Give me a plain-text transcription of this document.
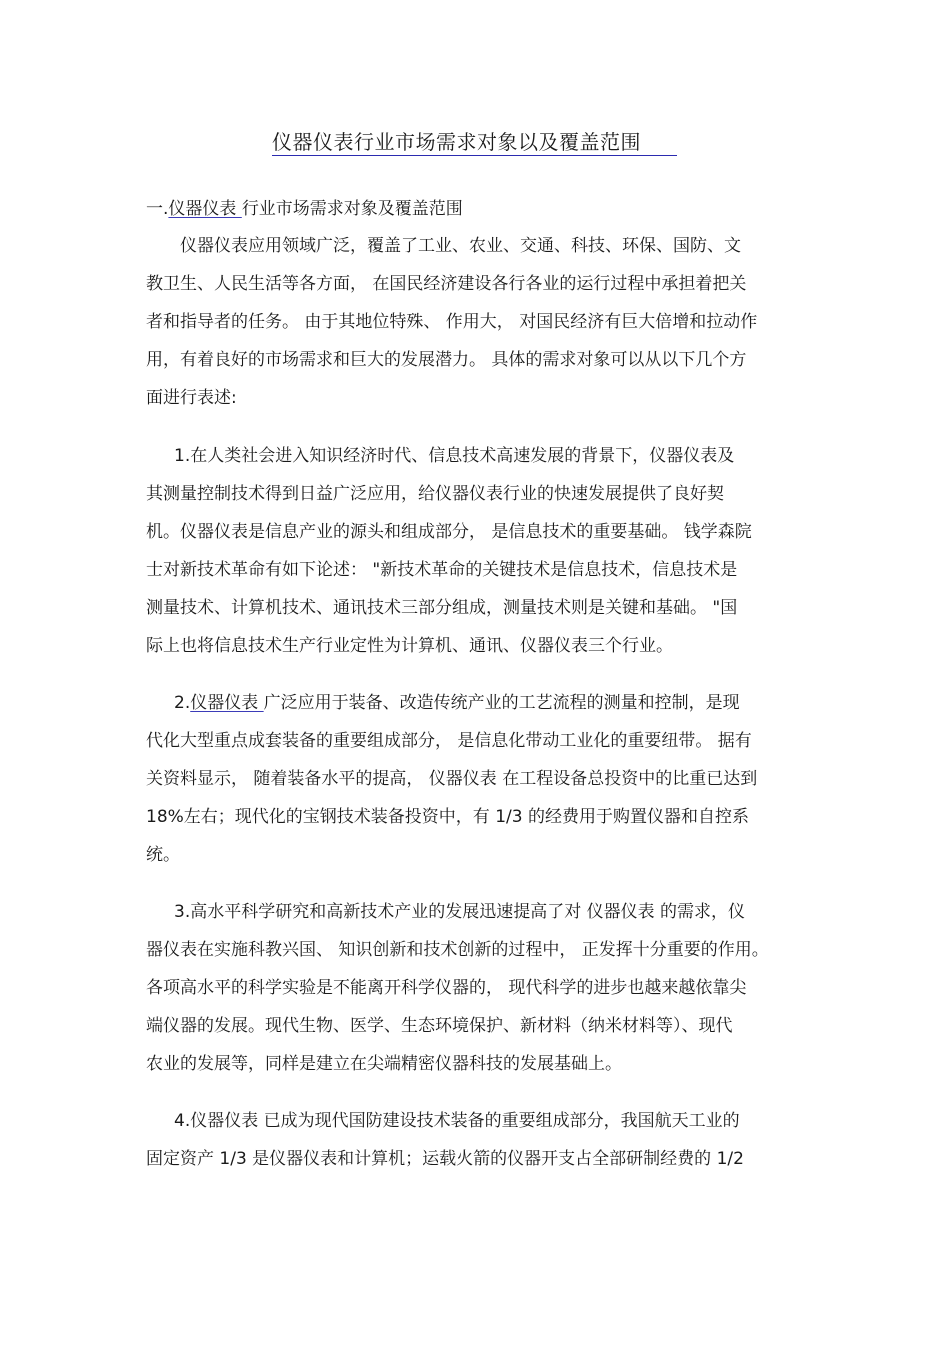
仪器仪表行业市场需求对象以及覆盖范围
一.仪器仪表 行业市场需求对象及覆盖范围
仪器仪表应用领域广泛，覆盖了工业、农业、交通、科技、环保、国防、文
教卫生、人民生活等各方面， 在国民经济建设各行各业的运行过程中承担着把关
者和指导者的任务。 由于其地位特殊、 作用大， 对国民经济有巨大倍增和拉动作
用，有着良好的市场需求和巨大的发展潜力。 具体的需求对象可以从以下几个方
面进行表述:
1.在人类社会进入知识经济时代、信息技术高速发展的背景下，仪器仪表及
其测量控制技术得到日益广泛应用，给仪器仪表行业的快速发展提供了良好契
机。仪器仪表是信息产业的源头和组成部分， 是信息技术的重要基础。 钱学森院
士对新技术革命有如下论述： "新技术革命的关键技术是信息技术，信息技术是
测量技术、计算机技术、通讯技术三部分组成，测量技术则是关键和基础。 "国
际上也将信息技术生产行业定性为计算机、通讯、仪器仪表三个行业。
2.仪器仪表 广泛应用于装备、改造传统产业的工艺流程的测量和控制，是现
代化大型重点成套装备的重要组成部分， 是信息化带动工业化的重要纽带。 据有
关资料显示， 随着装备水平的提高， 仪器仪表 在工程设备总投资中的比重已达到
18%左右；现代化的宝钢技术装备投资中，有 1/3 的经费用于购置仪器和自控系
统。
3.高水平科学研究和高新技术产业的发展迅速提高了对 仪器仪表 的需求，仪
器仪表在实施科教兴国、 知识创新和技术创新的过程中， 正发挥十分重要的作用。
各项高水平的科学实验是不能离开科学仪器的， 现代科学的进步也越来越依靠尖
端仪器的发展。现代生物、医学、生态环境保护、新材料（纳米材料等）、现代
农业的发展等，同样是建立在尖端精密仪器科技的发展基础上。
4.仪器仪表 已成为现代国防建设技术装备的重要组成部分，我国航天工业的
固定资产 1/3 是仪器仪表和计算机；运载火箭的仪器开支占全部研制经费的 1/2
